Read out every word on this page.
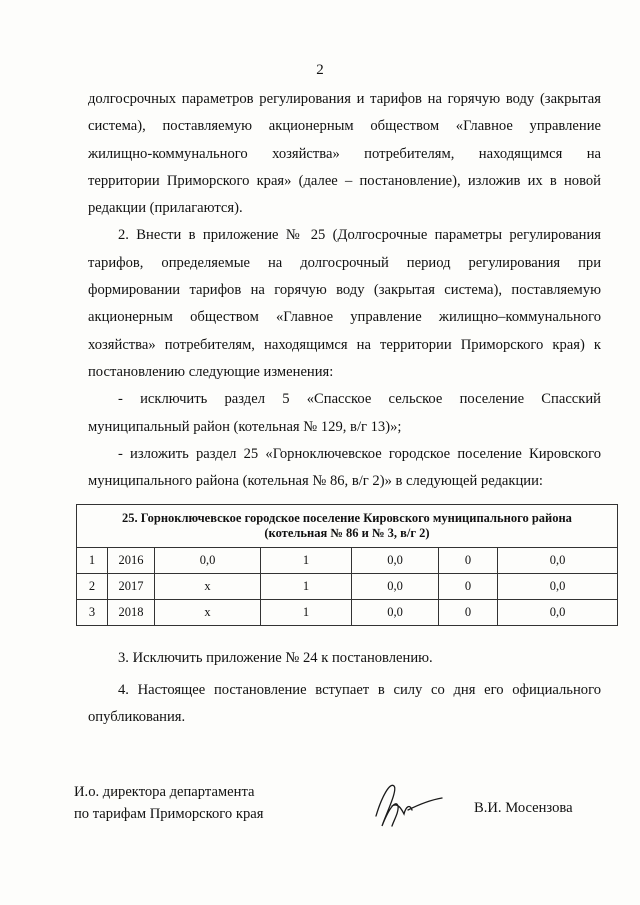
2

долгосрочных параметров регулирования и тарифов на горячую воду (закрытая

система), поставляемую акционерным обществом «Главное управление

жилищно-коммунального хозяйства» потребителям, находящимся на

территории Приморского края» (далее – постановление), изложив их в новой

редакции (прилагаются).

2. Внести в приложение № 25 (Долгосрочные параметры регулирования

тарифов, определяемые на долгосрочный период регулирования при

формировании тарифов на горячую воду (закрытая система), поставляемую

акционерным обществом «Главное управление жилищно–коммунального

хозяйства» потребителям, находящимся на территории Приморского края) к

постановлению следующие изменения:

- исключить раздел 5 «Спасское сельское поселение Спасский

муниципальный район (котельная № 129, в/г 13)»;

- изложить раздел 25 «Горноключевское городское поселение Кировского

муниципального района (котельная № 86, в/г 2)» в следующей редакции:

25. Горноключевское городское поселение Кировского муниципального района
(котельная № 86 и № 3, в/г 2)						

1	2016	0,0	1	0,0	0	0,0
2	2017	х	1	0,0	0	0,0
3	2018	х	1	0,0	0	0,0
3. Исключить приложение № 24 к постановлению.

4. Настоящее постановление вступает в силу со дня его официального

опубликования.

И.о. директора департамента
по тарифам Приморского края	В.И. Мосензова
